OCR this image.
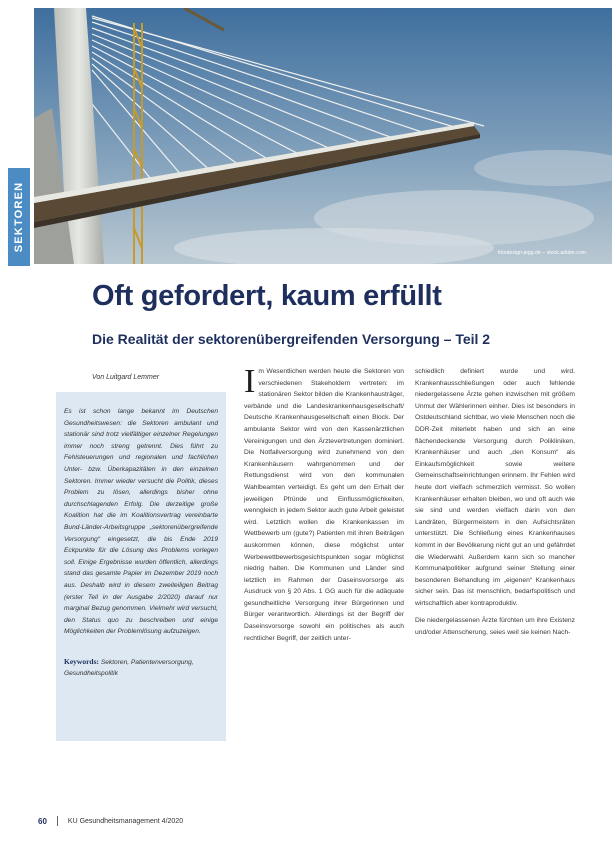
fotodesign-jegg.de – stock.adobe.com
SEKTOREN
Oft gefordert, kaum erfüllt
Die Realität der sektorenübergreifenden Versorgung – Teil 2
Von Luitgard Lemmer

Es ist schon lange bekannt im Deutschen Gesundheitswesen: die Sektoren ambulant und stationär sind trotz vielfältiger einzelner Regelungen immer noch streng getrennt. Dies führt zu Fehlsteuerungen und regionalen und fachlichen Unter- bzw. Überkapazitäten in den einzelnen Sektoren. Immer wieder versucht die Politik, dieses Problem zu lösen, allerdings bisher ohne durchschlagenden Erfolg. Die derzeitige große Koalition hat die im Koalitionsvertrag vereinbarte Bund-Länder-Arbeitsgruppe „sektorenübergreifende Versorgung“ eingesetzt, die bis Ende 2019 Eckpunkte für die Lösung des Problems vorlegen soll. Einige Ergebnisse wurden öffentlich, allerdings stand das gesamte Papier im Dezember 2019 noch aus. Deshalb wird in diesem zweiteiligen Beitrag (erster Teil in der Ausgabe 2/2020) darauf nur marginal Bezug genommen. Vielmehr wird versucht, den Status quo zu beschreiben und einige Möglichkeiten der Problemlösung aufzuzeigen.

Keywords: Sektoren, Patientenversorgung, Gesundheitspolitik

Im Wesentlichen werden heute die Sektoren von verschiedenen Stakeholdern vertreten: im stationären Sektor bilden die Krankenhausträger, verbände und die Landeskrankenhausgesellschaft/ Deutsche Krankenhausgesellschaft einen Block. Der ambulante Sektor wird von den Kassenärztlichen Vereinigungen und den Ärztevertretungen dominiert. Die Notfallversorgung wird zunehmend von den Krankenhäusern wahrgenommen und der Rettungsdienst wird von den kommunalen Wahlbeamten verteidigt. Es geht um den Erhalt der jeweiligen Pfründe und Einflussmöglichkeiten, wenngleich in jedem Sektor auch gute Arbeit geleistet wird. Letztlich wollen die Krankenkassen im Wettbewerb um (gute?) Patienten mit ihren Beiträgen auskommen können, diese möglichst unter Werbewettbewerbsgesichtspunkten sogar möglichst niedrig halten. Die Kommunen und Länder sind letztlich im Rahmen der Daseinsvorsorge als Ausdruck von § 20 Abs. 1 GG auch für die adäquate gesundheitliche Versorgung ihrer Bürgerinnen und Bürger verantwortlich. Allerdings ist der Begriff der Daseinsvorsorge sowohl ein politisches als auch rechtlicher Begriff, der zeitlich unter-

schiedlich definiert wurde und wird. Krankenhausschließungen oder auch fehlende niedergelassene Ärzte gehen inzwischen mit größem Unmut der Wählerinnen einher. Dies ist besonders in Ostdeutschland sichtbar, wo viele Menschen noch die DDR-Zeit miterlebt haben und sich an eine flächendeckende Versorgung durch Polikliniken, Krankenhäuser und auch „den Konsum“ als Einkaufsmöglichkeit sowie weitere Gemeinschaftseinrichtungen erinnern. Ihr Fehlen wird heute dort vielfach schmerzlich vermisst. So wollen Krankenhäuser erhalten bleiben, wo und oft auch wie sie sind und werden vielfach darin von den Landräten, Bürgermeistern in den Aufsichtsräten unterstützt. Die Schließung eines Krankenhauses kommt in der Bevölkerung nicht gut an und gefährdet die Wiederwahl. Außerdem kann sich so mancher Kommunalpolitiker aufgrund seiner Stellung einer besonderen Behandlung im „eigenen“ Krankenhaus sicher sein. Das ist menschlich, bedarfspolitisch und wirtschaftlich aber kontraproduktiv.

Die niedergelassenen Ärzte fürchten um ihre Existenz und/oder Attenscherung, seies weil sie keinen Nach-

60	KU Gesundheitsmanagement 4/2020
